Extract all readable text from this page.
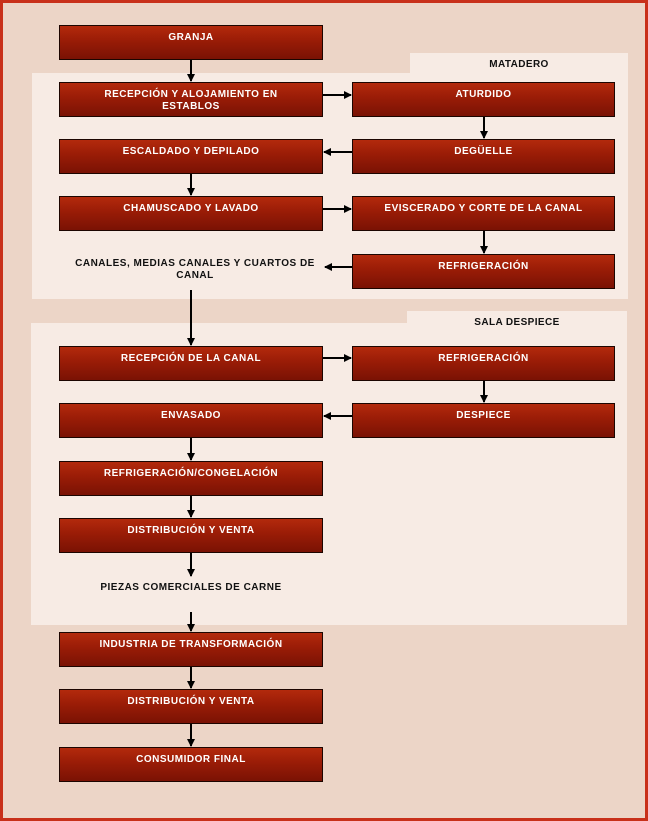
MATADERO
SALA DESPIECE
GRANJA
RECEPCIÓN Y ALOJAMIENTO EN ESTABLOS
ATURDIDO
ESCALDADO Y DEPILADO	DEGÜELLE
CHAMUSCADO Y LAVADO	EVISCERADO Y CORTE DE LA CANAL
CANALES, MEDIAS CANALES Y CUARTOS DE CANAL
REFRIGERACIÓN
RECEPCIÓN DE LA CANAL	REFRIGERACIÓN
ENVASADO	DESPIECE
REFRIGERACIÓN/CONGELACIÓN
DISTRIBUCIÓN Y VENTA
PIEZAS COMERCIALES DE CARNE
INDUSTRIA DE TRANSFORMACIÓN
DISTRIBUCIÓN Y VENTA
CONSUMIDOR FINAL
